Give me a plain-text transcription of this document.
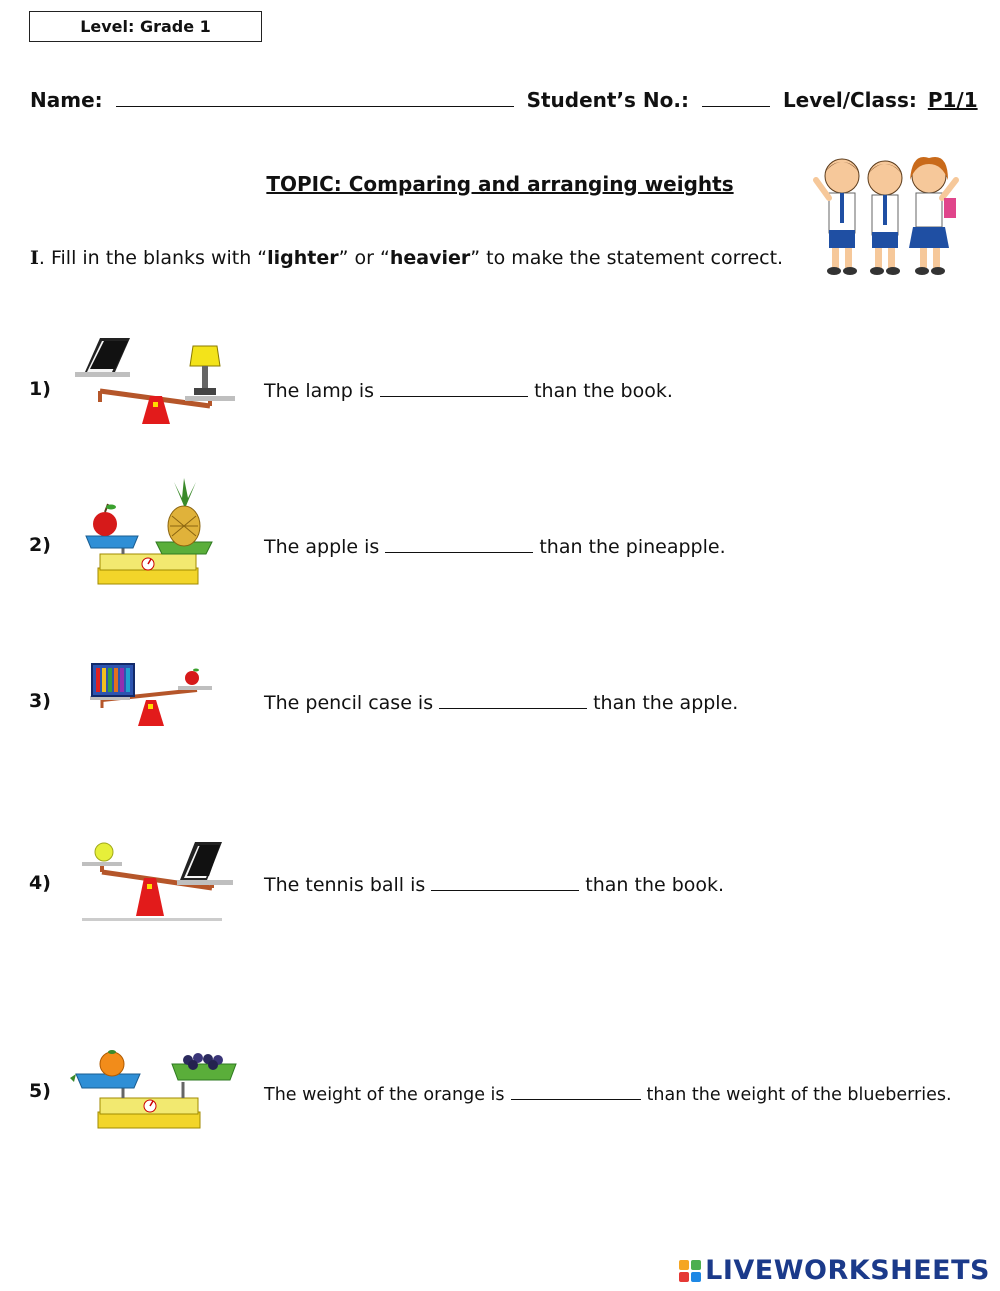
Level: Grade 1
Name:	Student’s No.:	Level/Class: P1/1
TOPIC: Comparing and arranging weights
I. Fill in the blanks with “lighter” or “heavier” to make the statement correct.
1)	The lamp is	than the book.
2)	The apple is	than the pineapple.
3)	The pencil case is	than the apple.
4)	The tennis ball is	than the book.
5)	The weight of the orange is	than the weight of the blueberries.
LIVEWORKSHEETS
